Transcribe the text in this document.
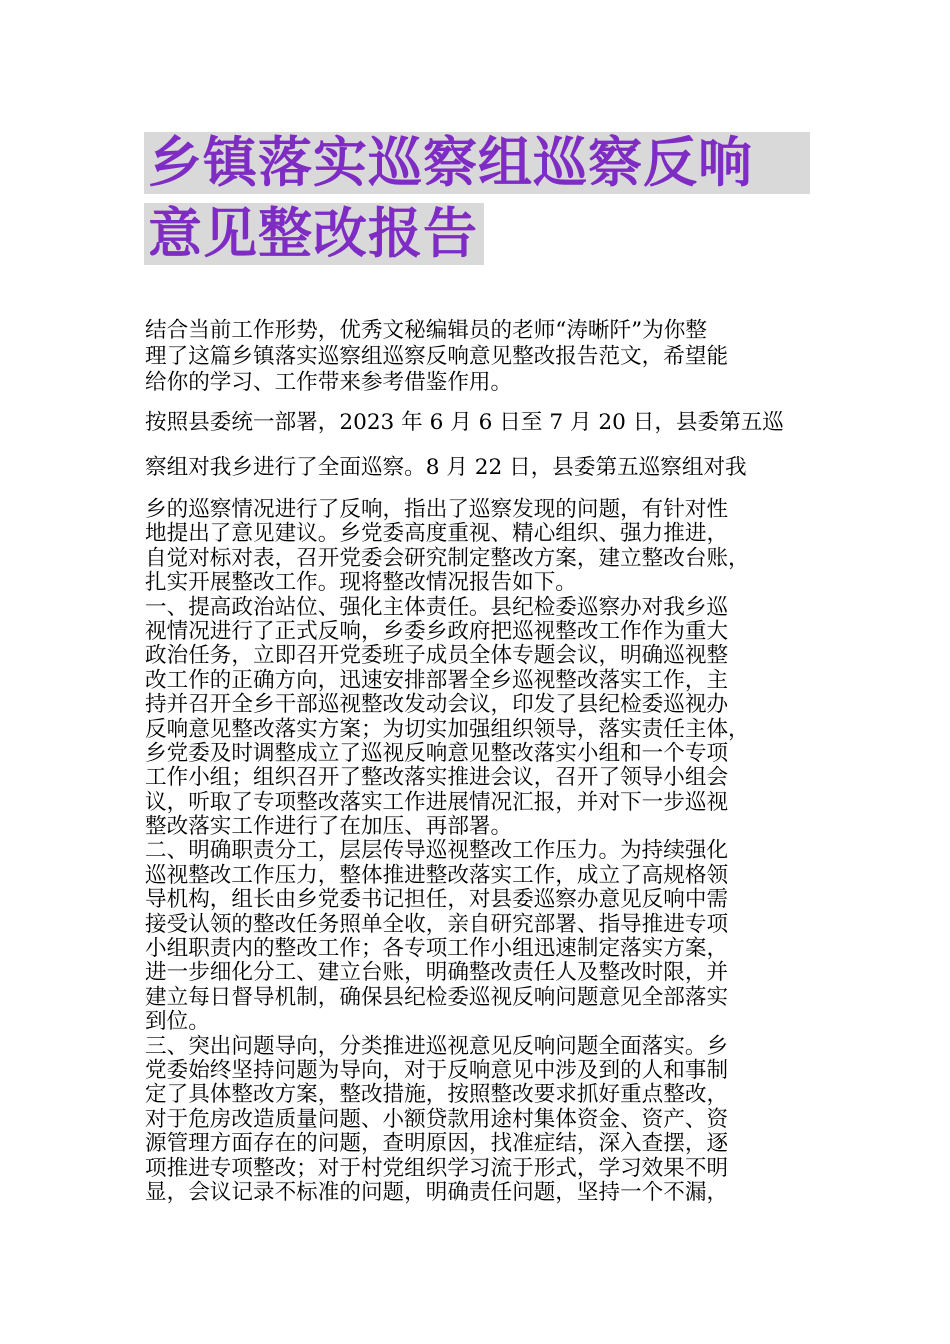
乡镇落实巡察组巡察反响
意见整改报告
结合当前工作形势，优秀文秘编辑员的老师“涛晰阡”为你整
理了这篇乡镇落实巡察组巡察反响意见整改报告范文，希望能
给你的学习、工作带来参考借鉴作用。
按照县委统一部署，2023 年 6 月 6 日至 7 月 20 日，县委第五巡
察组对我乡进行了全面巡察。8 月 22 日，县委第五巡察组对我
乡的巡察情况进行了反响，指出了巡察发现的问题，有针对性
地提出了意见建议。乡党委高度重视、精心组织、强力推进，
自觉对标对表，召开党委会研究制定整改方案，建立整改台账，
扎实开展整改工作。现将整改情况报告如下。
一、提高政治站位、强化主体责任。县纪检委巡察办对我乡巡
视情况进行了正式反响，乡委乡政府把巡视整改工作作为重大
政治任务，立即召开党委班子成员全体专题会议，明确巡视整
改工作的正确方向，迅速安排部署全乡巡视整改落实工作，主
持并召开全乡干部巡视整改发动会议，印发了县纪检委巡视办
反响意见整改落实方案；为切实加强组织领导，落实责任主体，
乡党委及时调整成立了巡视反响意见整改落实小组和一个专项
工作小组；组织召开了整改落实推进会议，召开了领导小组会
议，听取了专项整改落实工作进展情况汇报，并对下一步巡视
整改落实工作进行了在加压、再部署。
二、明确职责分工，层层传导巡视整改工作压力。为持续强化
巡视整改工作压力，整体推进整改落实工作，成立了高规格领
导机构，组长由乡党委书记担任，对县委巡察办意见反响中需
接受认领的整改任务照单全收，亲自研究部署、指导推进专项
小组职责内的整改工作；各专项工作小组迅速制定落实方案，
进一步细化分工、建立台账，明确整改责任人及整改时限，并
建立每日督导机制，确保县纪检委巡视反响问题意见全部落实
到位。
三、突出问题导向，分类推进巡视意见反响问题全面落实。乡
党委始终坚持问题为导向，对于反响意见中涉及到的人和事制
定了具体整改方案，整改措施，按照整改要求抓好重点整改，
对于危房改造质量问题、小额贷款用途村集体资金、资产、资
源管理方面存在的问题，查明原因，找准症结，深入查摆，逐
项推进专项整改；对于村党组织学习流于形式，学习效果不明
显，会议记录不标准的问题，明确责任问题，坚持一个不漏，
